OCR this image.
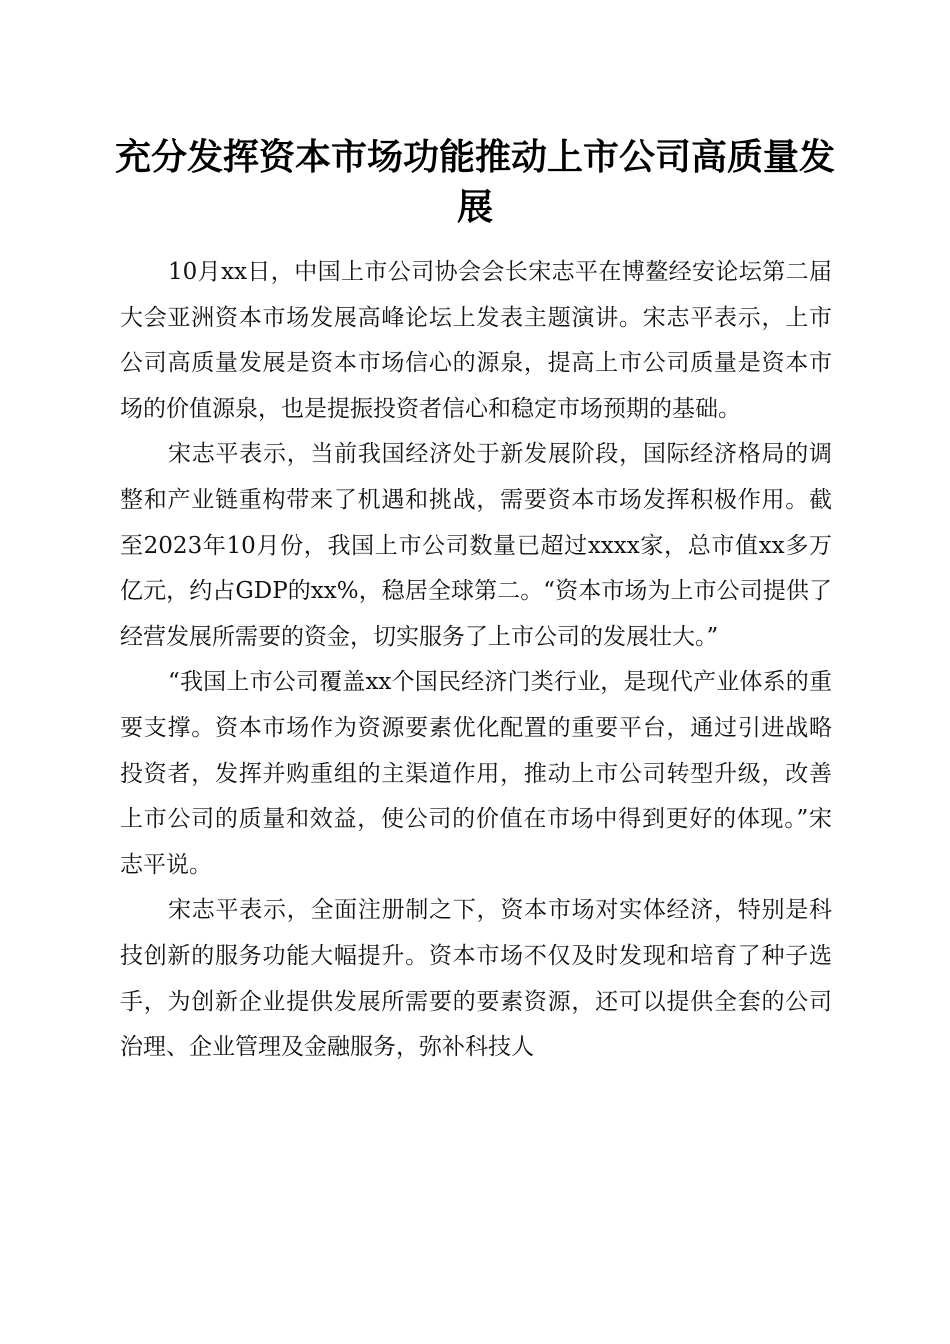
充分发挥资本市场功能推动上市公司高质量发展

10月xx日，中国上市公司协会会长宋志平在博鳌经安论坛第二届大会亚洲资本市场发展高峰论坛上发表主题演讲。宋志平表示，上市公司高质量发展是资本市场信心的源泉，提高上市公司质量是资本市场的价值源泉，也是提振投资者信心和稳定市场预期的基础。

宋志平表示，当前我国经济处于新发展阶段，国际经济格局的调整和产业链重构带来了机遇和挑战，需要资本市场发挥积极作用。截至2023年10月份，我国上市公司数量已超过xxxx家，总市值xx多万亿元，约占GDP的xx%，稳居全球第二。“资本市场为上市公司提供了经营发展所需要的资金，切实服务了上市公司的发展壮大。”

“我国上市公司覆盖xx个国民经济门类行业，是现代产业体系的重要支撑。资本市场作为资源要素优化配置的重要平台，通过引进战略投资者，发挥并购重组的主渠道作用，推动上市公司转型升级，改善上市公司的质量和效益，使公司的价值在市场中得到更好的体现。”宋志平说。

宋志平表示，全面注册制之下，资本市场对实体经济，特别是科技创新的服务功能大幅提升。资本市场不仅及时发现和培育了种子选手，为创新企业提供发展所需要的要素资源，还可以提供全套的公司治理、企业管理及金融服务，弥补科技人
